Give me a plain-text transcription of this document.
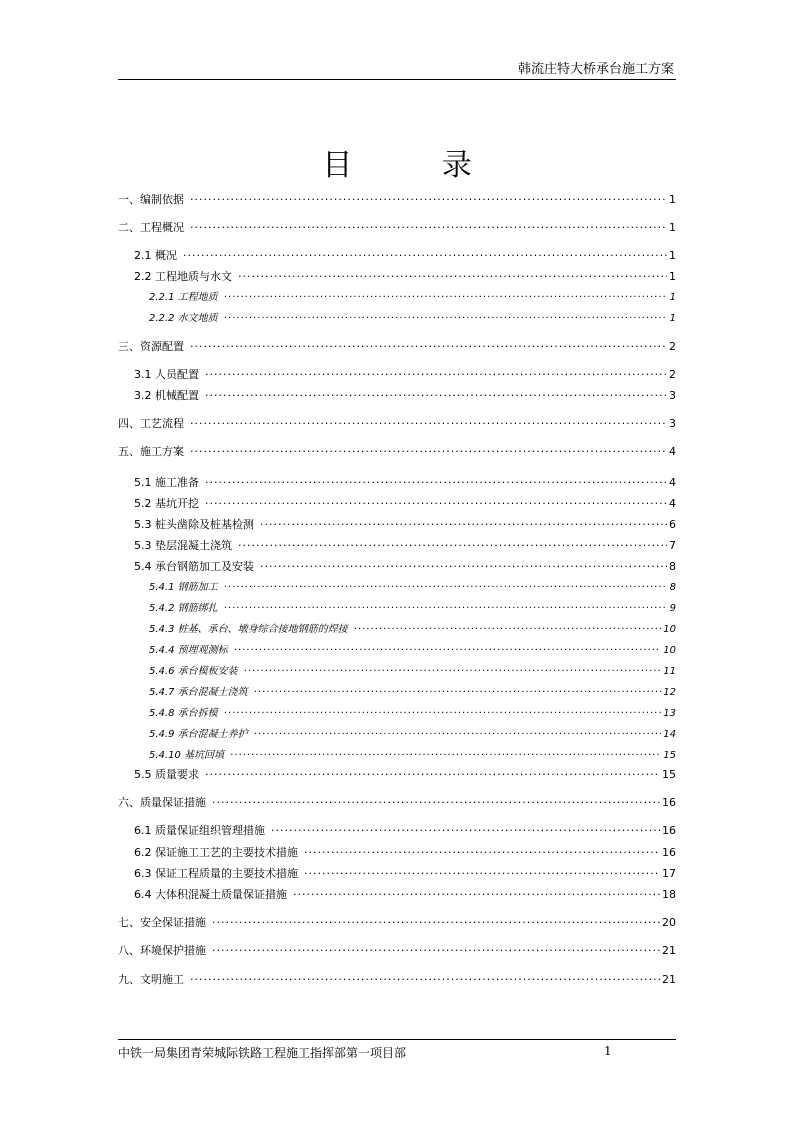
韩流庄特大桥承台施工方案
目 录
一、编制依据 ·····	1
二、工程概况 ·····	1
2.1 概况 ·····	1
2.2 工程地质与水文 ·····	1
2.2.1 工程地质 ·····	1
2.2.2 水文地质 ·····	1
三、资源配置 ·····	2
3.1 人员配置 ·····	2
3.2 机械配置 ·····	3
四、工艺流程 ·····	3
五、施工方案 ·····	4
5.1 施工准备 ·····	4
5.2 基坑开挖 ·····	4
5.3 桩头凿除及桩基检测 ·····	6
5.3 垫层混凝土浇筑 ·····	7
5.4 承台钢筋加工及安装 ·····	8
5.4.1 钢筋加工 ·····	8
5.4.2 钢筋绑扎 ·····	9
5.4.3 桩基、承台、墩身综合接地钢筋的焊接 ·····	10
5.4.4 预埋观测标 ·····	10
5.4.6 承台模板安装 ·····	11
5.4.7 承台混凝土浇筑 ·····	12
5.4.8 承台拆模 ·····	13
5.4.9 承台混凝土养护 ·····	14
5.4.10 基坑回填 ·····	15
5.5 质量要求 ·····	15
六、质量保证措施 ·····	16
6.1 质量保证组织管理措施 ·····	16
6.2 保证施工工艺的主要技术措施 ·····	16
6.3 保证工程质量的主要技术措施 ·····	17
6.4 大体积混凝土质量保证措施 ·····	18
七、安全保证措施 ·····	20
八、环境保护措施 ·····	21
九、文明施工 ·····	21
中铁一局集团青荣城际铁路工程施工指挥部第一项目部	1
